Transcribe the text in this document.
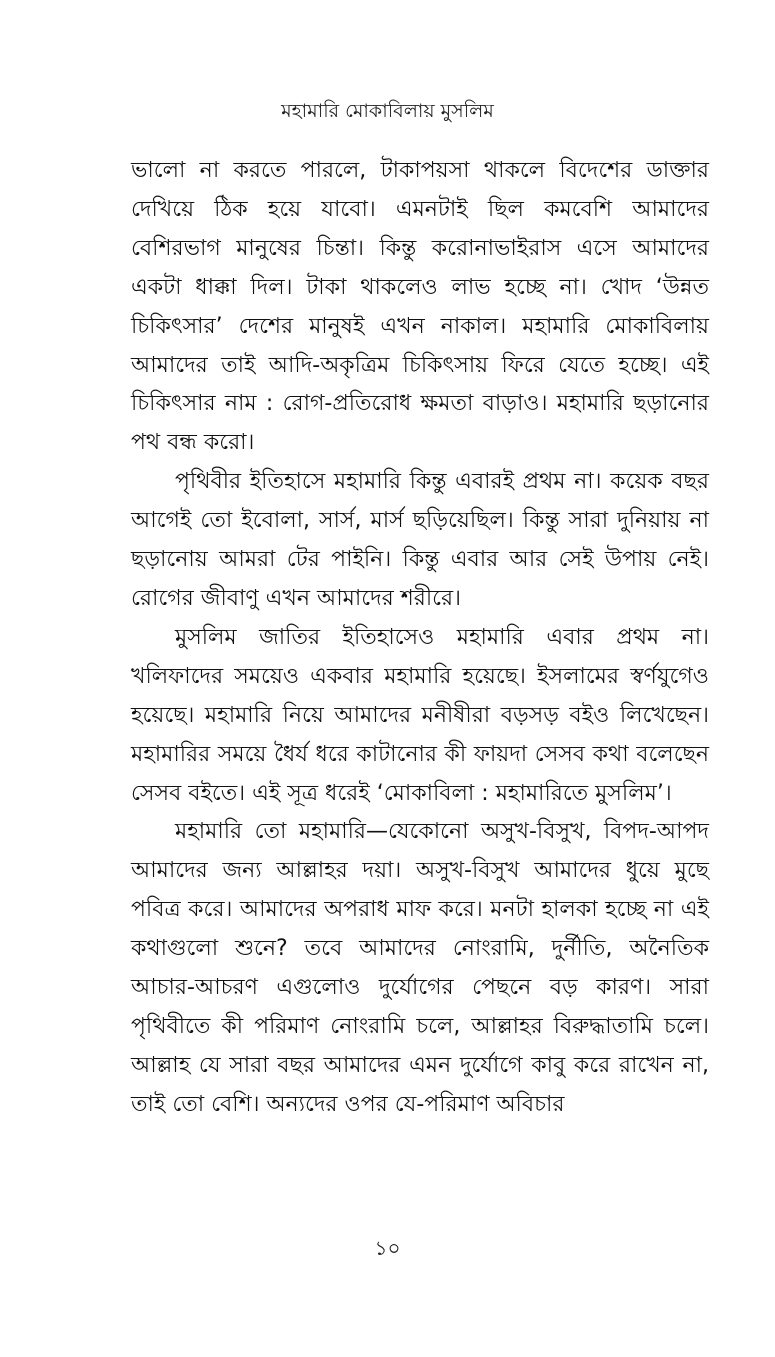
মহামারি মোকাবিলায় মুসলিম

ভালো না করতে পারলে, টাকাপয়সা থাকলে বিদেশের ডাক্তার দেখিয়ে ঠিক হয়ে যাবো। এমনটাই ছিল কমবেশি আমাদের বেশিরভাগ মানুষের চিন্তা। কিন্তু করোনাভাইরাস এসে আমাদের একটা ধাক্কা দিল। টাকা থাকলেও লাভ হচ্ছে না। খোদ ‘উন্নত চিকিৎসার’ দেশের মানুষই এখন নাকাল। মহামারি মোকাবিলায় আমাদের তাই আদি-অকৃত্রিম চিকিৎসায় ফিরে যেতে হচ্ছে। এই চিকিৎসার নাম : রোগ-প্রতিরোধ ক্ষমতা বাড়াও। মহামারি ছড়ানোর পথ বন্ধ করো।

পৃথিবীর ইতিহাসে মহামারি কিন্তু এবারই প্রথম না। কয়েক বছর আগেই তো ইবোলা, সার্স, মার্স ছড়িয়েছিল। কিন্তু সারা দুনিয়ায় না ছড়ানোয় আমরা টের পাইনি। কিন্তু এবার আর সেই উপায় নেই। রোগের জীবাণু এখন আমাদের শরীরে।

মুসলিম জাতির ইতিহাসেও মহামারি এবার প্রথম না। খলিফাদের সময়েও একবার মহামারি হয়েছে। ইসলামের স্বর্ণযুগেও হয়েছে। মহামারি নিয়ে আমাদের মনীষীরা বড়সড় বইও লিখেছেন। মহামারির সময়ে ধৈর্য ধরে কাটানোর কী ফায়দা সেসব কথা বলেছেন সেসব বইতে। এই সূত্র ধরেই ‘মোকাবিলা : মহামারিতে মুসলিম’।

মহামারি তো মহামারি—যেকোনো অসুখ-বিসুখ, বিপদ-আপদ আমাদের জন্য আল্লাহর দয়া। অসুখ-বিসুখ আমাদের ধুয়ে মুছে পবিত্র করে। আমাদের অপরাধ মাফ করে। মনটা হালকা হচ্ছে না এই কথাগুলো শুনে? তবে আমাদের নোংরামি, দুর্নীতি, অনৈতিক আচার-আচরণ এগুলোও দুর্যোগের পেছনে বড় কারণ। সারা পৃথিবীতে কী পরিমাণ নোংরামি চলে, আল্লাহর বিরুদ্ধাতামি চলে। আল্লাহ যে সারা বছর আমাদের এমন দুর্যোগে কাবু করে রাখেন না, তাই তো বেশি। অন্যদের ওপর যে-পরিমাণ অবিচার

১০
